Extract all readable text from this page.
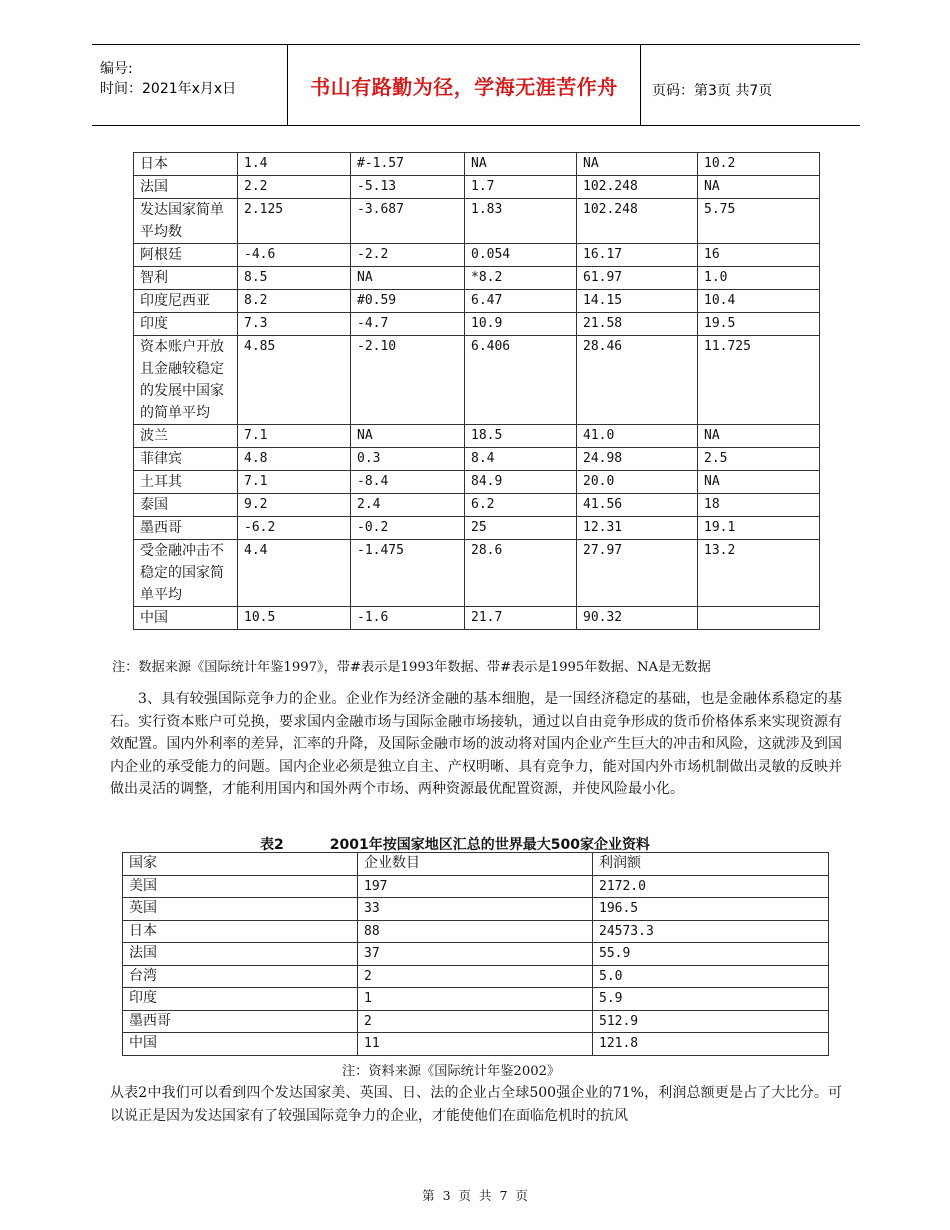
编号:
时间：2021年x月x日	书山有路勤为径，学海无涯苦作舟 页码：第3页 共7页
日本	1.4	#-1.57	NA	NA	10.2
法国	2.2	-5.13	1.7	102.248	NA
发达国家简单平均数	2.125	-3.687	1.83	102.248	5.75
阿根廷	-4.6	-2.2	0.054	16.17	16
智利	8.5	NA	*8.2	61.97	1.0
印度尼西亚	8.2	#0.59	6.47	14.15	10.4
印度	7.3	-4.7	10.9	21.58	19.5
资本账户开放且金融较稳定的发展中国家的简单平均	4.85	-2.10	6.406	28.46	11.725
波兰	7.1	NA	18.5	41.0	NA
菲律宾	4.8	0.3	8.4	24.98	2.5
土耳其	7.1	-8.4	84.9	20.0	NA
泰国	9.2	2.4	6.2	41.56	18
墨西哥	-6.2	-0.2	25	12.31	19.1
受金融冲击不稳定的国家简单平均	4.4	-1.475	28.6	27.97	13.2
中国	10.5	-1.6	21.7	90.32	
注：数据来源《国际统计年鉴1997》，带#表示是1993年数据、带#表示是1995年数据、NA是无数据
3、具有较强国际竞争力的企业。企业作为经济金融的基本细胞，是一国经济稳定的基础，也是金融体系稳定的基石。实行资本账户可兑换，要求国内金融市场与国际金融市场接轨，通过以自由竞争形成的货币价格体系来实现资源有效配置。国内外利率的差异，汇率的升降，及国际金融市场的波动将对国内企业产生巨大的冲击和风险，这就涉及到国内企业的承受能力的问题。国内企业必须是独立自主、产权明晰、具有竞争力，能对国内外市场机制做出灵敏的反映并做出灵活的调整，才能利用国内和国外两个市场、两种资源最优配置资源，并使风险最小化。
表2	2001年按国家地区汇总的世界最大500家企业资料
国家	企业数目	利润额
美国	197	2172.0
英国	33	196.5
日本	88	24573.3
法国	37	55.9
台湾	2	5.0
印度	1	5.9
墨西哥	2	512.9
中国	11	121.8
注：资料来源《国际统计年鉴2002》
从表2中我们可以看到四个发达国家美、英国、日、法的企业占全球500强企业的71%，利润总额更是占了大比分。可以说正是因为发达国家有了较强国际竞争力的企业，才能使他们在面临危机时的抗风
第 3 页 共 7 页
